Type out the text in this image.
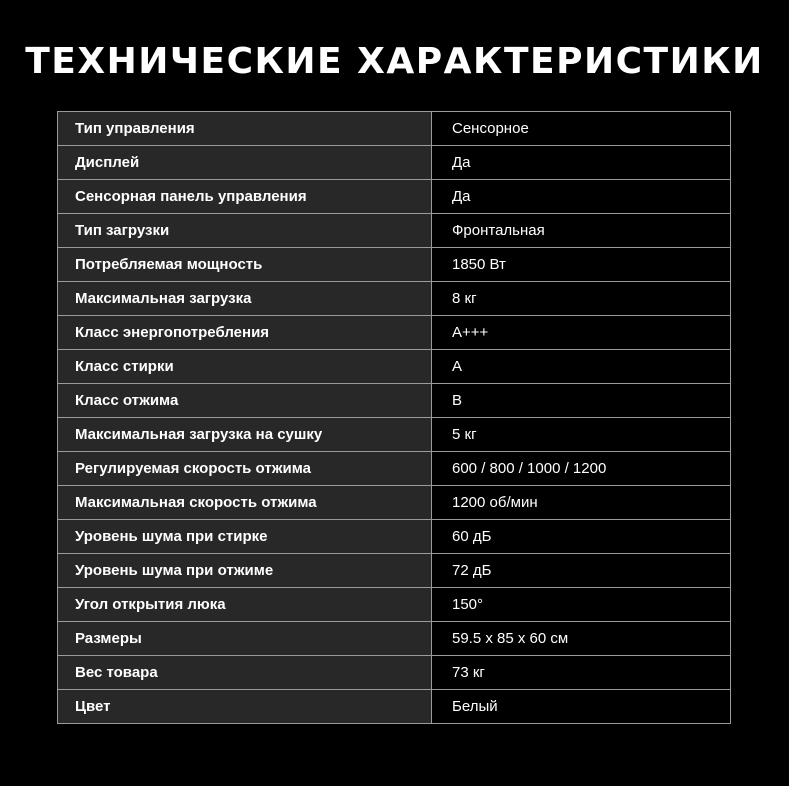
ТЕХНИЧЕСКИЕ ХАРАКТЕРИСТИКИ
Тип управления	Сенсорное
Дисплей	Да
Сенсорная панель управления	Да
Тип загрузки	Фронтальная
Потребляемая мощность	1850 Вт
Максимальная загрузка	8 кг
Класс энергопотребления	A+++
Класс стирки	A
Класс отжима	B
Максимальная загрузка на сушку	5 кг
Регулируемая скорость отжима	600 / 800 / 1000 / 1200
Максимальная скорость отжима	1200 об/мин
Уровень шума при стирке	60 дБ
Уровень шума при отжиме	72 дБ
Угол открытия люка	150°
Размеры	59.5 х 85 х 60 см
Вес товара	73 кг
Цвет	Белый
